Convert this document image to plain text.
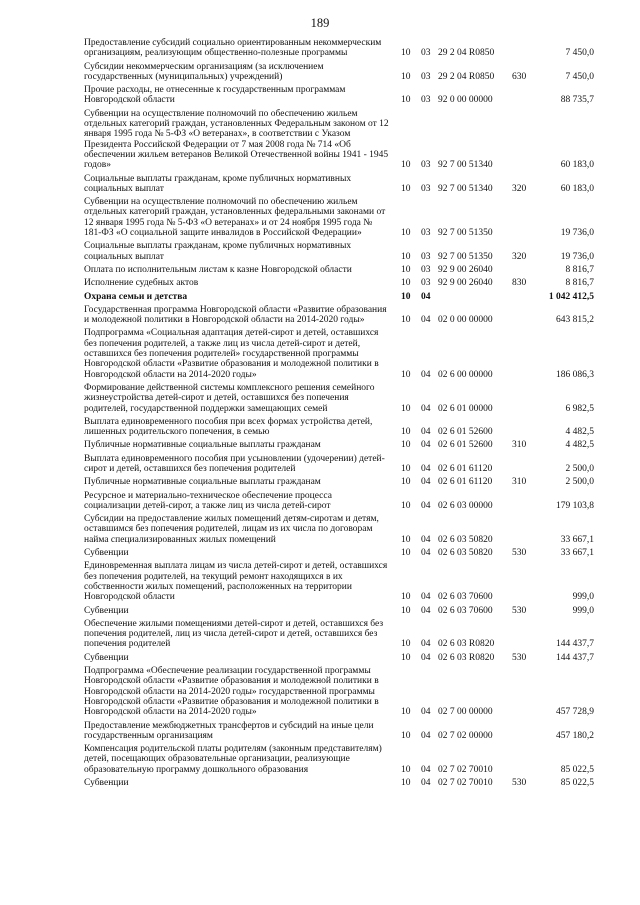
189
Предоставление субсидий социально ориентированным некоммерческим организациям, реализующим общественно-полезные программы	10 03 29 2 04 R0850	7 450,0
Субсидии некоммерческим организациям (за исключением государственных (муниципальных) учреждений)	10 03 29 2 04 R0850 630	7 450,0
Прочие расходы, не отнесенные к государственным программам Новгородской области	10 03 92 0 00 00000	88 735,7
Субвенции на осуществление полномочий по обеспечению жильем отдельных категорий граждан, установленных Федеральным законом от 12 января 1995 года № 5-ФЗ «О ветеранах», в соответствии с Указом Президента Российской Федерации от 7 мая 2008 года № 714 «Об обеспечении жильем ветеранов Великой Отечественной войны 1941 - 1945 годов»	10 03 92 7 00 51340	60 183,0
Социальные выплаты гражданам, кроме публичных нормативных социальных выплат	10 03 92 7 00 51340 320	60 183,0
Субвенции на осуществление полномочий по обеспечению жильем отдельных категорий граждан, установленных федеральными законами от 12 января 1995 года № 5-ФЗ «О ветеранах» и от 24 ноября 1995 года № 181-ФЗ «О социальной защите инвалидов в Российской Федерации»	10 03 92 7 00 51350	19 736,0
Социальные выплаты гражданам, кроме публичных нормативных социальных выплат	10 03 92 7 00 51350 320	19 736,0
Оплата по исполнительным листам к казне Новгородской области	10 03 92 9 00 26040	8 816,7
Исполнение судебных актов	10 03 92 9 00 26040 830	8 816,7
Охрана семьи и детства	10 04	1 042 412,5
Государственная программа Новгородской области «Развитие образования и молодежной политики в Новгородской области на 2014-2020 годы»	10 04 02 0 00 00000	643 815,2
Подпрограмма «Социальная адаптация детей-сирот и детей, оставшихся без попечения родителей, а также лиц из числа детей-сирот и детей, оставшихся без попечения родителей» государственной программы Новгородской области «Развитие образования и молодежной политики в Новгородской области на 2014-2020 годы»	10 04 02 6 00 00000	186 086,3
Формирование действенной системы комплексного решения семейного жизнеустройства детей-сирот и детей, оставшихся без попечения родителей, государственной поддержки замещающих семей	10 04 02 6 01 00000	6 982,5
Выплата единовременного пособия при всех формах устройства детей, лишенных родительского попечения, в семью	10 04 02 6 01 52600	4 482,5
Публичные нормативные социальные выплаты гражданам	10 04 02 6 01 52600 310	4 482,5
Выплата единовременного пособия при усыновлении (удочерении) детей-сирот и детей, оставшихся без попечения родителей	10 04 02 6 01 61120	2 500,0
Публичные нормативные социальные выплаты гражданам	10 04 02 6 01 61120 310	2 500,0
Ресурсное и материально-техническое обеспечение процесса социализации детей-сирот, а также лиц из числа детей-сирот	10 04 02 6 03 00000	179 103,8
Субсидии на предоставление жилых помещений детям-сиротам и детям, оставшимся без попечения родителей, лицам из их числа по договорам найма специализированных жилых помещений	10 04 02 6 03 50820	33 667,1
Субвенции	10 04 02 6 03 50820 530	33 667,1
Единовременная выплата лицам из числа детей-сирот и детей, оставшихся без попечения родителей, на текущий ремонт находящихся в их собственности жилых помещений, расположенных на территории Новгородской области	10 04 02 6 03 70600	999,0
Субвенции	10 04 02 6 03 70600 530	999,0
Обеспечение жилыми помещениями детей-сирот и детей, оставшихся без попечения родителей, лиц из числа детей-сирот и детей, оставшихся без попечения родителей	10 04 02 6 03 R0820	144 437,7
Субвенции	10 04 02 6 03 R0820 530	144 437,7
Подпрограмма «Обеспечение реализации государственной программы Новгородской области «Развитие образования и молодежной политики в Новгородской области на 2014-2020 годы» государственной программы Новгородской области «Развитие образования и молодежной политики в Новгородской области на 2014-2020 годы»	10 04 02 7 00 00000	457 728,9
Предоставление межбюджетных трансфертов и субсидий на иные цели государственным организациям	10 04 02 7 02 00000	457 180,2
Компенсация родительской платы родителям (законным представителям) детей, посещающих образовательные организации, реализующие образовательную программу дошкольного образования	10 04 02 7 02 70010	85 022,5
Субвенции	10 04 02 7 02 70010 530	85 022,5
